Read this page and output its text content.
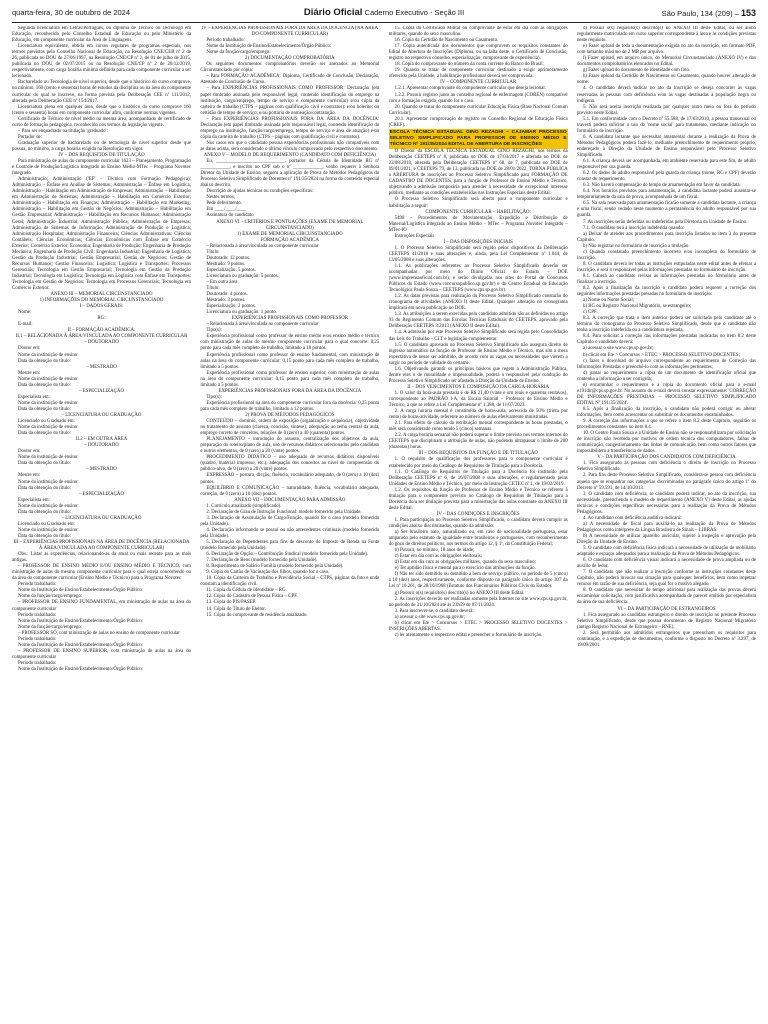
quarta-feira, 30 de outubro de 2024	Diário Oficial Caderno Executivo - Seção III	São Paulo, 134 (209) – 153

Segunda licenciatura em Letras/Português, ou diploma de Técnico ou Tecnólogo em Educação, reconhecido pelo Conselho Estadual de Educação ou pelo Ministério da Educação, em componente curricular da Área de Linguagens.

Licenciatura equivalente, obtida em cursos regulares de programas especiais, nos termos previstos pelo Conselho Nacional de Educação, na Resolução CNE/CEB nº 2 de 26, publicada no DOU de 27/06/1997, na Resolução CNE/CP nº 2, de 01 de julho de 2015, publicada no DOU de 02/07/2015 ou na Resolução CNE/CP nº 2 de 20/12/2019, respectivamente, com carga horária mínima definida para cada componente curricular a ser lecionado.

Bacharelado ou Tecnologia de nível superior, desde que o histórico do curso comprove, no mínimo, 160 (cento e sessenta) horas de estudos da disciplina ou na área do componente curricular do qual se inscreve, na forma prevista pela Deliberação CEE nº 111/2012, alterada pela Deliberação CEE nº 154/2017.

Licenciatura plena em qualquer área, desde que o histórico do curso comprove 160 (cento e sessenta) horas em componente curricular afim, conforme normas vigentes.

Certificado de Técnico de nível médio na mesma área, acompanhado de certificado de curso de formação pedagógica, reconhecido nos termos da legislação vigente.

– Para ser enquadrado na titulação 'graduado':

Portador de:

Graduação superior de bacharelado ou de tecnologia de nível superior desde que possua, no mínimo, a carga horária exigida na Resolução em vigor.

IV – DOS REQUISITOS DE TITULAÇÃO

Para ministração de aulas do componente curricular 1623 – Planejamento, Programação e Controle de Produção/Logística Integrado ao Ensino Médio-MTec – Programa Novotec Integrado.

Administração; Administração ('EF' – Técnico com Formação Pedagógica); Administração – Ênfase em Análise de Sistemas; Administração – Ênfase em Logística; Administração – Habilitação em Administração de Empresas; Administração – Habilitação em Administração de Sistemas; Administração – Habilitação em Comércio Exterior; Administração – Habilitação em Finanças; Administração – Habilitação em Marketing; Administração – Habilitação em Gestão de Negócios; Administração – Habilitação em Gestão Empresarial; Administração – Habilitação em Recursos Humanos; Administração Geral; Administração Industrial; Administração Pública; Administração de Empresas; Administração de Sistemas de Informação; Administração de Produção e Logística; Administração Hospitalar; Administração Financeira; Ciências Administrativas; Ciências Contábeis; Ciências Econômicas; Ciências Econômicas com Ênfase em Comércio Exterior; Comércio Exterior; Economia; Engenharia de Produção; Engenharia de Produção Mecânica; Engenharia de Produção Civil; Engenharia Industrial; Engenharia de Logística; Gestão da Produção Industrial; Gestão Empresarial; Gestão de Negócios; Gestão de Recursos Humanos; Gestão Financeira; Logística; Logística e Transportes; Processos Gerenciais; Tecnologia em Gestão Empresarial; Tecnologia em Gestão da Produção Industrial; Tecnologia em Logística; Tecnologia em Logística com Ênfase em Transportes; Tecnologia em Gestão de Negócios; Tecnologia em Processos Gerenciais; Tecnologia em Comércio Exterior.

ANEXO III – MEMORIAL CIRCUNSTANCIADO

1) INFORMAÇÕES DO MEMORIAL CIRCUNSTANCIADO

I – DADOS GERAIS:

Nome:

RG:

E-mail:

II – FORMAÇÃO ACADÊMICA:

II.1 – RELACIONADA À ÁREA/VINCULADA AO COMPONENTE CURRICULAR

– DOUTORADO

Doutor em:

Nome da instituição de ensino:

Data da obtenção do título:

– MESTRADO

Mestre em:

Nome da instituição de ensino:

Data da obtenção do título:

– ESPECIALIZAÇÃO

Especialista em:

Nome da instituição de ensino:

Data da obtenção do título:

– LICENCIATURA OU GRADUAÇÃO

Licenciado ou Graduado em:

Nome da instituição de ensino:

Data da obtenção do título:

II.2 – EM OUTRA ÁREA

– DOUTORADO

Doutor em:

Nome da instituição de ensino:

Data da obtenção do título:

– MESTRADO

Mestre em:

Nome da instituição de ensino:

Data da obtenção do título:

– ESPECIALIZAÇÃO

Especialista em:

Nome da instituição de ensino:

Data da obtenção do título:

– LICENCIATURA OU GRADUAÇÃO

Licenciado ou Graduado em:

Nome da instituição de ensino:

Data da obtenção do título:

III – EXPERIÊNCIAS PROFISSIONAIS NA ÁREA DE DOCÊNCIA (RELACIONADA À ÁREA/VINCULADA AO COMPONENTE CURRICULAR)

Obs.: Listar as experiências, relacionando-as da atual ou mais recente para as mais antigas.

– PROFESSOR DE ENSINO MÉDIO E/OU ENSINO MÉDIO E TÉCNICO, com ministração de aulas do mesmo componente curricular para o qual esteja concorrendo ou da área do componente curricular (Ensino Médio e Técnico) para o Programa Novotec

Período trabalhado:

Nome da Instituição de Ensino/Estabelecimento/Órgão Público:

Nome da função/cargo/emprego:

– PROFESSOR DE ENSINO FUNDAMENTAL, em ministração de aulas na área do componente curricular

Período trabalhado:

Nome da Instituição de Ensino/Estabelecimento/Órgão Público:

Nome da função/cargo/emprego:

– PROFESSOR SÓ, com ministração de aulas no ensino de componente curricular

Período trabalhado:

Nome da Instituição de Ensino/Estabelecimento/Órgão Público:

– PROFESSOR DE ENSINO SUPERIOR, com ministração de aulas na área do componente curricular

Período trabalhado:

Nome da Instituição de Ensino/Estabelecimento/Órgão Público:

IV – EXPERIÊNCIAS PROFISSIONAIS FORA DA ÁREA DA DOCÊNCIA (NA ÁREA DO COMPONENTE CURRICULAR)

Período trabalhado:

Nome da Instituição de Ensino/Estabelecimento/Órgão Público:

Nome da função/cargo/emprego:

2) DOCUMENTAÇÃO COMPROBATÓRIA

Os seguintes documentos comprobatórios deverão ser anexados ao Memorial Circunstanciado por cópia:

– Para FORMAÇÃO ACADÊMICA: Diploma, Certificado de Conclusão, Declaração, Atestado de Conclusão de Curso.

– Para EXPERIÊNCIAS PROFISSIONAIS COMO PROFESSOR: Declaração (em papel timbrado assinada pelo responsável legal, contendo identificação do emprego na instituição, cargo/emprego, tempo de serviço e componente curricular) e/ou cópia da carteira de trabalho (CTPS – páginas com qualificação civil e contratos); e/ou holerite; ou certidão de tempo de serviço; e/ou portaria de nomeação/contratação.

– Para EXPERIÊNCIAS PROFISSIONAIS FORA DA ÁREA DA DOCÊNCIA: Declaração (em papel timbrado assinada pelo responsável legal, contendo identificação do emprego na instituição, função/cargo/emprego, tempo de serviço e área de atuação) e/ou cópia da carteira de trabalho (CTPS – páginas com qualificação civil e contratos).

Nos casos em que o candidato possua experiências profissionais não compatíveis com as datas acima, será considerado o último vínculo comprovado pelo respectivo documento.

ANEXO V – MODELO DE REQUERIMENTO (CANDIDATO COM DEFICIÊNCIA)

Eu, ____________________________, portador da Cédula de Identidade RG nº ____________, e inscrito no CPF sob o nº ____________, venho requerer à Senhora Diretor da Unidade de Ensino, seguem a aplicação de Prova de Métodos Pedagógicos do Processo Seletivo Simplificado de Docentes nº 191/35/2024 na forma do conteúdo especial abaixo descrito.

Descrição de ajudas técnicas ou condições específicas:

Nestes termos,

Pede deferimento.

Em ____/____/____

Assinatura do candidato

ANEXO VI – CRITÉRIOS E PONTUAÇÕES (EXAME DE MEMORIAL CIRCUNSTANCIADO)

1) EXAME DE MEMORIAL CIRCUNSTANCIADO

FORMAÇÃO ACADÊMICA

– Relacionada à área/vinculada ao componente curricular

Título:

Doutorado: 12 pontos.

Mestrado: 9 pontos.

Especialização: 5 pontos.

Licenciatura ou graduação: 5 pontos.

– Em outra área

Título:

Doutorado: 4 pontos.

Mestrado: 3 pontos.

Especialização: 2 pontos.

Licenciatura ou graduação: 1 ponto.

EXPERIÊNCIAS PROFISSIONAIS COMO PROFESSOR

– Relacionada à área/vinculada ao componente curricular

Tipo(s):

Experiência profissional como professor de ensino médio e/ou ensino médio e técnico com ministração de aulas do mesmo componente curricular para o qual concorre: 0,25 ponto para cada mês completo de trabalho, limitado a 18 pontos.

Experiência profissional como professor de ensino fundamental, com ministração de aulas na área do componente curricular: 0,15 ponto para cada mês completo de trabalho, limitado a 5 pontos.

Experiência profissional como professor de ensino superior, com ministração de aulas na área do componente curricular: 0,15 ponto para cada mês completo de trabalho, limitado a 5 pontos.

EXPERIÊNCIAS PROFISSIONAIS FORA DA ÁREA DA DOCÊNCIA

Tipo(s):

Experiência profissional na área do componente curricular fora da docência: 0,25 ponto para cada mês completo de trabalho, limitado a 12 pontos.

2) PROVA DE MÉTODOS PEDAGÓGICOS

CONTEÚDO – domínio, ordem de exposição (organização e sequência), objetividade no tratamento do assunto (clareza, concisão, síntese), adequação ao tema central da aula, emprego correto de conceitos, relações de 0 (zero) a 40 (quarenta) pontos.

PLANEJAMENTO – introdução do assunto, centralização dos objetivos da aula, preparação do roteiro/plano de aula, uso de recursos didáticos selecionados pelo candidato e outros elementos, de 0 (zero) a 20 (vinte) pontos.

PROCEDIMENTO DIDÁTICO – uso adequado de recursos didáticos disponíveis (quadro, material impresso, etc.), adequação dos conceitos ao nível de compreensão do público-alvo, de 0 (zero) a 20 (vinte) pontos.

EXPRESSÃO – postura, dicção, fluência, vocabulário adequado, de 0 (zero) a 10 (dez) pontos.

EQUILÍBRIO E COMUNICAÇÃO – naturalidade, fluência, vocabulário adequado, correção, de 0 (zero) a 10 (dez) pontos.

ANEXO VII – DOCUMENTAÇÃO PARA ADMISSÃO

1. Currículo atualizado (simplificado).

2. Declaração de Grau de Instrução Funcional: modelo fornecido pela Unidade.

3. Declaração de Acumulação de Cargo/Função, quando for o caso (modelo fornecido pela Unidade).

4. Declaração informando se possui ou não antecedentes criminais (modelo fornecido pela Unidade).

5. Declaração de Dependentes para fins de desconto do Imposto de Renda na Fonte (modelo fornecido pela Unidade).

6. Declaração de Opção – Contribuição Sindical (modelo fornecido pela Unidade).

7. Declaração de Bens (modelo fornecido pela Unidade).

8. Requerimento de Salário Família (modelo fornecido pela Unidade).

9. Cópia do Cartão de Vacinação dos filhos, quando for o caso.

10. Cópia da Carteira de Trabalho e Previdência Social – CTPS, páginas da foto e onde constam a identificação civil.

11. Cópia da Cédula de Identidade – RG.

12. Cópia do Cadastro de Pessoa Física – CPF.

13. Cópia do PIS/PASEP.

14. Cópia do Título de Eleitor.

15. Cópia do comprovante de residência atualizado.

15. Cópia do Certificado Militar ou comprovante de estar em dia com as obrigações militares, quando do sexo masculino.

16. Cópia da Certidão de Nascimento ou Casamento.

17. Cópia autenticada dos documentos que comprovem os requisitos constantes do Edital de Abertura de Inscrições (Diploma, ou na falta deste, o Certificado de Conclusão, registro no respectivo conselho, especialização, comprovante de experiência).

18. Cópia do comprovante do número da conta corrente do Banco do Brasil.

19. Quando se tratar de componente curricular destinado a exigir aprimoramento oferecido pela Unidade, a habilitação profissional deverá ser comprovada.

IV – COMPONENTE CURRICULAR

1.2.1. Apresentar comprovante do componente curricular que deseja lecionar.

1.2.2. Possuir registro junto ao conselho regional de enfermagem (COREN) compatível com a formação exigida, quando for o caso.

20. Quando se tratar do componente curricular Educação Física (Base Nacional Comum Curricular).

20.1. Apresentar comprovação de registro no Conselho Regional de Educação Física (CREF).

ESCOLA TÉCNICA ESTADUAL GINO REZAGHI – CAJAMAR PROCESSO SELETIVO SIMPLIFICADO PARA PROFESSOR DE ENSINO MÉDIO E TÉCNICO Nº 191/35/2024 EDITAL DE ABERTURA DE INSCRIÇÕES

O Diretor da ESCOLA TÉCNICA ESTADUAL GINO REZAGHI, nos termos da Deliberação CEETEPS nº 8, publicada no DOE de 17/03/2017 e alterada no DOE de 23/08/2018, alterada pela Deliberação CEETEPS nº 68, de 7, publicada no DOE de 09/01/2021, e CEETEPS 79, de 13, publicada no DOE de 28/01/2022, TORNA PÚBLICA a ABERTURA de inscrições ao Processo Seletivo Simplificado para FORMAÇÃO DE CADASTRO DE DOCENTES, para a função de Professor de Ensino Médio e Técnico, objetivando a admissão temporária para atender à necessidade de excepcional interesse público, mediante as condições estabelecidas nas Instruções Especiais deste Edital.

O Processo Seletivo Simplificado será aberto para o componente curricular e habilitação a seguir:

COMPONENTE CURRICULAR – HABILITAÇÃO:

5498 – Procedimentos de Movimentação, Expedição e Distribuição de Material/Logística Integrado ao Ensino Médio – MTec – Programa Novotec Integrado – MTec-IO

Instruções Especiais

I – DAS DISPOSIÇÕES INICIAIS

1. O Processo Seletivo Simplificado será regido pelos dispositivos da Deliberação CEETEPS 41/2018 e suas alterações e, ainda, pela Lei Complementar nº 1.044, de 13/05/2008 e suas alterações.

1.1. As publicações referentes ao Processo Seletivo Simplificado deverão ser acompanhadas por meio do Diário Oficial do Estado – DOE (www.imprensaoficial.com.br), e serão divulgadas nos sites do Portal de Concursos Públicos do Estado (www.concursopublico.sp.gov.br) e do Centro Estadual de Educação Tecnológica Paula Souza – CEETEPS (www.cps.sp.gov.br).

1.2. As datas previstas para realização do Processo Seletivo Simplificado constarão do cronograma de atividades (ANEXO I) deste Edital. Qualquer alteração no cronograma implicará em nova publicação no DOE.

1.3. As atribuições a serem exercidas pelo candidato admitido são as definidas no artigo 93 do Regimento Comum das Escolas Técnicas Estaduais do CEETEPS, aprovado pela Deliberação CEETEPS 3/2013 (ANEXO II deste Edital).

1.4. A admissão por este Processo Seletivo Simplificado será regida pelo Consolidação das Leis do Trabalho – CLT e legislação complementar.

1.5. O candidato aprovado no Processo Seletivo Simplificado não assegura direito de ingresso automático na função de Professor de Ensino Médio e Técnico, mas sim a mera expectativa de nesse ser admitido, de acordo com as vagas ou necessidades que vierem a surgir no período de validade do certame.

1.6. Objetivando garantir os princípios básicos que regem a Administração Pública, dentre eles o de moralidade e impessoalidade, poderá o responsável pela condução do Processo Seletivo Simplificado ser afastado à Direção da Unidade de Ensino.

II – DOS VENCIMENTOS E COMPOSIÇÃO DA CARGA-HORÁRIA

1. O valor da hora-aula prestada é de R$ 21,40 (vinte e um reais e quarenta centavos), correspondente ao PADRÃO I-A, da Escala Salarial – Professor de Ensino Médio e Técnico, a que se refere a Lei Complementar nº 1.388, de 11/07/2023.

2. A carga horária mensal é constituída de horas-aula, acrescida de 50% (trinta por cento) de horas-atividade, referente ao número de aulas efetivamente ministradas.

2.1. Para efeito de cálculo da retribuição mensal correspondente às horas prestadas, o mês será considerado como tendo 5 (cinco) semanas.

2.2. A carga horária semanal não poderá superar o limite previsto nos termos internos do CEETEPS que disciplinam o atribuição de aulas, não podendo ultrapassar o limite de 200 (duzentas) horas.

III – DOS REQUISITOS DA FUNÇÃO E DE TITULAÇÃO

1. O requisito de qualificação dos professores para o componente curricular é estabelecido por meio do Catálogo de Requisitos de Titulação para a Docência.

1.1. O Catálogo de Requisitos de Titulação para a Docência foi instituído pela Deliberação CEETEPS nº 6, de 16/07/2008 e suas alterações, e regulamentado pelas Unidades de Ensino Médio e Técnico, por meio da Instrução CETEC nº 1, de 19/02/2019.

1.2. Os requisitos da função de Professor de Ensino Médio e Técnico se referem à titulação para o componente previsto no Catálogo de Requisitos de Titulação para a Docência do/a ser titulação prevista para a ministração das aulas constante do ANEXO III deste Edital.

IV – DAS CONDIÇÕES E INSCRIÇÕES

1. Para participação no Processo Seletivo Simplificado, o candidato deverá cumprir as condições abaixo discriminadas, quando da admissão:

a) Ser brasileiro nato, naturalizado ou, em caso de nacionalidade portuguesa, estar amparado pelo estatuto de igualdade entre brasileiros e portugueses, com reconhecimento do gozo de direitos políticos, nos termos do artigo 12, § 1º, da Constituição Federal;

b) Possuir, no mínimo, 18 anos de idade;

c) Estar em dia com as obrigações eleitorais;

d) Estar em dia com as obrigações militares, quando do sexo masculino;

e) Ter aptidão física e mental para o exercício das atribuições da função.

f) Não ter sido demitido ou demitido a bem de serviço público, no período de 5 (cinco) a 10 (dez) anos, respectivamente, conforme disposto no parágrafo único do artigo 307 da Lei nº 10.261, de 28/10/1968 (Estatuto dos Funcionários Públicos Civis do Estado).

g) Possuir o(s) requisito(s) descrito(s) no ANEXO III deste Edital.

2. As inscrições deverão ser realizadas somente pela Internet no site www.cps.sp.gov.br, no período de 31/10/2024 até às 23h59 de 07/11/2024.

3. Para inscrever-se, o candidato deverá:

a) acessar o site www.cps.sp.gov.br;

b) clicar em Ete > Concursos > ETEC > PROCESSO SELETIVO DOCENTES > INSCRIÇÕES ABERTAS.

c) ler atentamente o respectivo edital e preencher o formulário de inscrição.

d) Possuir o(s) requisito(s) descrito(s) no ANEXO III deste Edital, ou ser aluno regularmente matriculado em curso superior correspondente à área e às condições previstas neste requisito.

e) Fazer upload de toda a documentação exigida no ato da inscrição, em formato PDF, com tamanho máximo de 2 MB por arquivo.

f) Fazer upload, em arquivo único, do Memorial Circunstanciado (ANEXO IV) e dos documentos comprobatórios elencados no Edital.

g) Fazer upload do documento de identidade com foto.

h) Fazer upload da Certidão de Nascimento ou Casamento, quando houver alteração de nome.

4. O candidato deverá indicar no ato da inscrição se deseja concorrer às vagas reservadas às pessoas com deficiência e/ou às vagas destinadas à população negra ou indígena.

5. Não será aceita inscrição realizada por qualquer outro meio ou fora do período previsto neste Edital.

5.1. Em conformidade com o Decreto nº 55.588, de 17/03/2010, a pessoa transexual ou travesti poderá solicitar o uso do 'nome social' para tratamento, mediante indicação no formulário de inscrição.

6. A candidata lactante que necessitar amamentar durante a realização da Prova de Métodos Pedagógicos poderá fazê-lo, mediante preenchimento de requerimento próprio, endereçado à Direção da Unidade de Ensino responsável pelo Processo Seletivo Simplificado.

6.1. A criança deverá ser acompanhada, em ambiente reservado para este fim, de adulto responsável por sua guarda.

6.2. Os dados do adulto responsável pela guarda da criança (nome, RG e CPF) deverão constar do requerimento.

6.3. Não haverá compensação do tempo de amamentação em favor da candidata.

6.4. Nos horários previstos para amamentação, a candidata lactante poderá ausentar-se temporariamente da sala de prova, acompanhada de um fiscal.

6.5. Na sala reservada para amamentação ficarão somente a candidata lactante, a criança e uma fiscal, sendo vedado neste momento a permanência do adulto responsável por sua guarda.

7. As inscrições serão deferidas ou indeferidas pela Diretoria da Unidade de Ensino.

7.1. O candidato terá a inscrição indeferida quando:

a) Deixar de atender aos procedimentos para inscrição listados no item 3 do presente Capítulo.

b) Não registrar no formulário de inscrição a titulação.

c) Quando constatado preenchimento incorreto e/ou incompleto do formulário de inscrição.

8. O candidato deverá ler todas as instruções estipuladas neste edital antes de efetuar a inscrição, e será o responsável pelas informações prestadas no formulário de inscrição.

8.1. Caberá ao candidato revisar as informações prestadas no formulário antes de finalizar a inscrição.

8.2. Após a finalização da inscrição o candidato poderá requerer a correção dos seguintes informações prestadas presadas no formulário de inscrição:

a) Nome ou Nome Social;

b) RG ou Registro Nacional Migratório, se estrangeiro;

c) CPF.

8.3. A correção que trata o item anterior poderá ser solicitada pelo candidato até o término do cronograma do Processo Seletivo Simplificado, desde que o candidato não tenha a inscrição indeferida ou a candidatura rejeitada.

8.4. Para solicitar a correção das informações prestadas indicadas no item 8.2 deste Capítulo o candidato deverá:

a) acessar o site www.cps.sp.gov.br;

b) clicar em Ete > Concursos > ETEC > PROCESSO SELETIVO DOCENTES;

c) fazer o download do arquivo correspondente ao requerimento de Correção das Informações Prestadas e preenchê-lo com as informações pertinentes;

d) juntar ao requerimento a cópia de um documento de identificação oficial que contenha a informação a ser corrigida;

e) encaminhar o requerimento e a cópia do documento oficial para o e-mail e191dir@cps.sp.gov.br. No assunto do e-mail deverá constar expressamente: 'CORREÇÃO DE INFORMAÇÕES PRESTADAS – PROCESSO SELETIVO SIMPLIFICADO EDITAL Nº 191/35/2024'.

8.5. Após a finalização da inscrição, o candidato não poderá corrigir ou alterar informações, bem como acrescentar ou substituir os documentos encaminhados.

9. A correção das informações a que se refere o item 8.2 deste Capítulo, seguirão os procedimentos constantes no item 8.4.

10. O Centro Paula Souza e a Unidade de Ensino não se responsabilizam por solicitação de inscrição não recebida por motivos de ordem técnica dos computadores, falhas de comunicação, congestionamento das linhas de comunicação, bem como outros fatores que impossibilitem a transferência de dados.

V – DA PARTICIPAÇÃO DOS CANDIDATOS COM DEFICIÊNCIA

1. Fica assegurado às pessoas com deficiência o direito de inscrição no Processo Seletivo Simplificado.

2. Para fins deste Processo Seletivo Simplificado, considera-se pessoa com deficiência aquela que se enquadrar nas categorias discriminadas no parágrafo único do artigo 1º do Decreto nº 59.591, de 14/10/2013.

3. O candidato com deficiência, se candidato poderá indicar, no ato da inscrição, sua necessidade, preenchendo o modelo de requerimento (ANEXO V) deste Edital, as ajudas técnicas e condições específicas necessárias para a realização da Prova de Métodos Pedagógicos.

4. Ao candidato com deficiência auditiva indicará:

a) A necessidade de fiscal para auxiliá-lo na realização da Prova de Métodos Pedagógicos como intérprete da Língua Brasileira de Sinais – LIBRAS.

b) A necessidade de utilizar aparelho auricular, sujeito à inspeção e aprovação pela Direção da Unidade de Ensino.

5. O candidato com deficiência física indicará a necessidade de utilização de mobiliário adaptado e espaços adequados para a realização da Prova de Métodos Pedagógicos.

6. O candidato com deficiência visual indicará a necessidade de prova ampliada ou de auxílio de ledor.

7. O candidato que não realizar a inscrição conforme as instruções constantes deste Capítulo, não poderá invocar sua situação para quaisquer benefícios, bem como impetrar recurso em razão de sua deficiência, seja qual for o motivo alegado.

8. O candidato que necessitar de tempo adicional para realização das provas deverá encaminhar solicitação, com justificativa acompanhada de parecer emitido por especialista da área de sua deficiência.

VI – DA PARTICIPAÇÃO DE ESTRANGEIROS

1. Fica assegurado ao candidato estrangeiro o direito de inscrição no presente Processo Seletivo Simplificado, desde que possua documento de Registro Nacional Migratório (antigo Registro Nacional de Estrangeiro – RNE).

2. Será permitido aos admitidos estrangeiros que preencham os requisitos para contratação, e a expedição de documentos, conforme o disposto no Decreto nº 3.297, de 19/09/2001.
